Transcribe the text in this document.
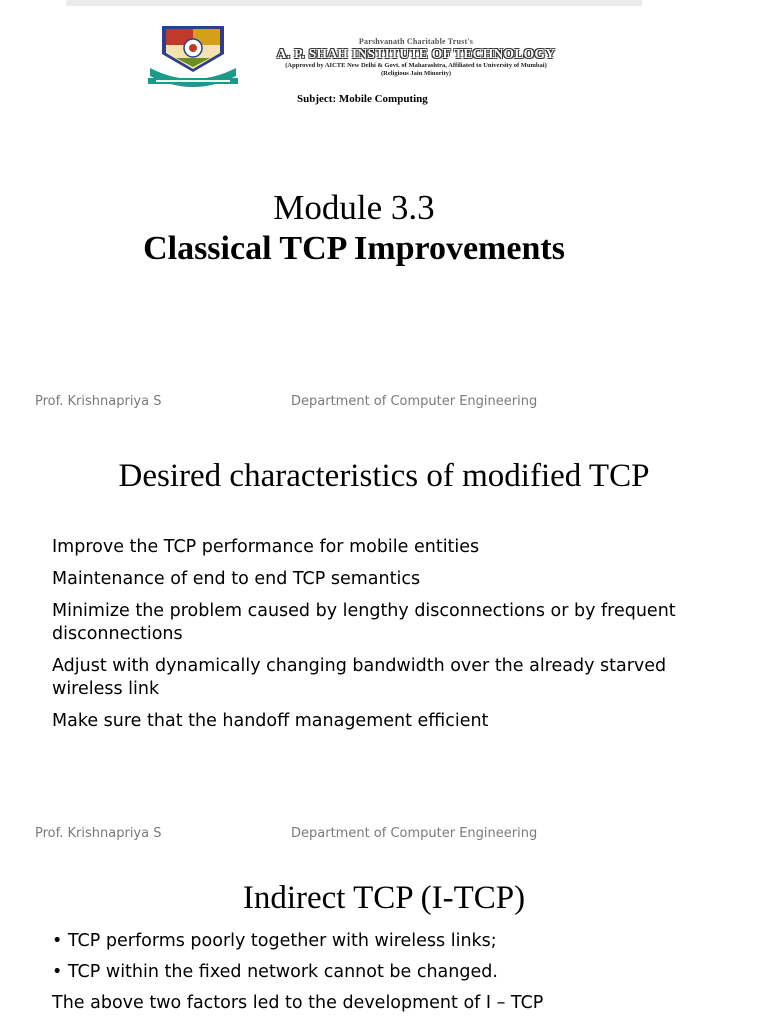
Parshvanath Charitable Trust's
A. P. SHAH INSTITUTE OF TECHNOLOGY
(Approved by AICTE New Delhi & Govt. of Maharashtra, Affiliated to University of Mumbai)
(Religious Jain Minority)
Subject: Mobile Computing
Module 3.3
Classical TCP Improvements
Prof. Krishnapriya S	Department of Computer Engineering
Desired characteristics of modified TCP
Improve the TCP performance for mobile entities
Maintenance of end to end TCP semantics
Minimize the problem caused by lengthy disconnections or by frequent disconnections
Adjust with dynamically changing bandwidth over the already starved wireless link
Make sure that the handoff management efficient
Prof. Krishnapriya S	Department of Computer Engineering
Indirect TCP (I-TCP)
• TCP performs poorly together with wireless links;
• TCP within the fixed network cannot be changed.
The above two factors led to the development of I – TCP
